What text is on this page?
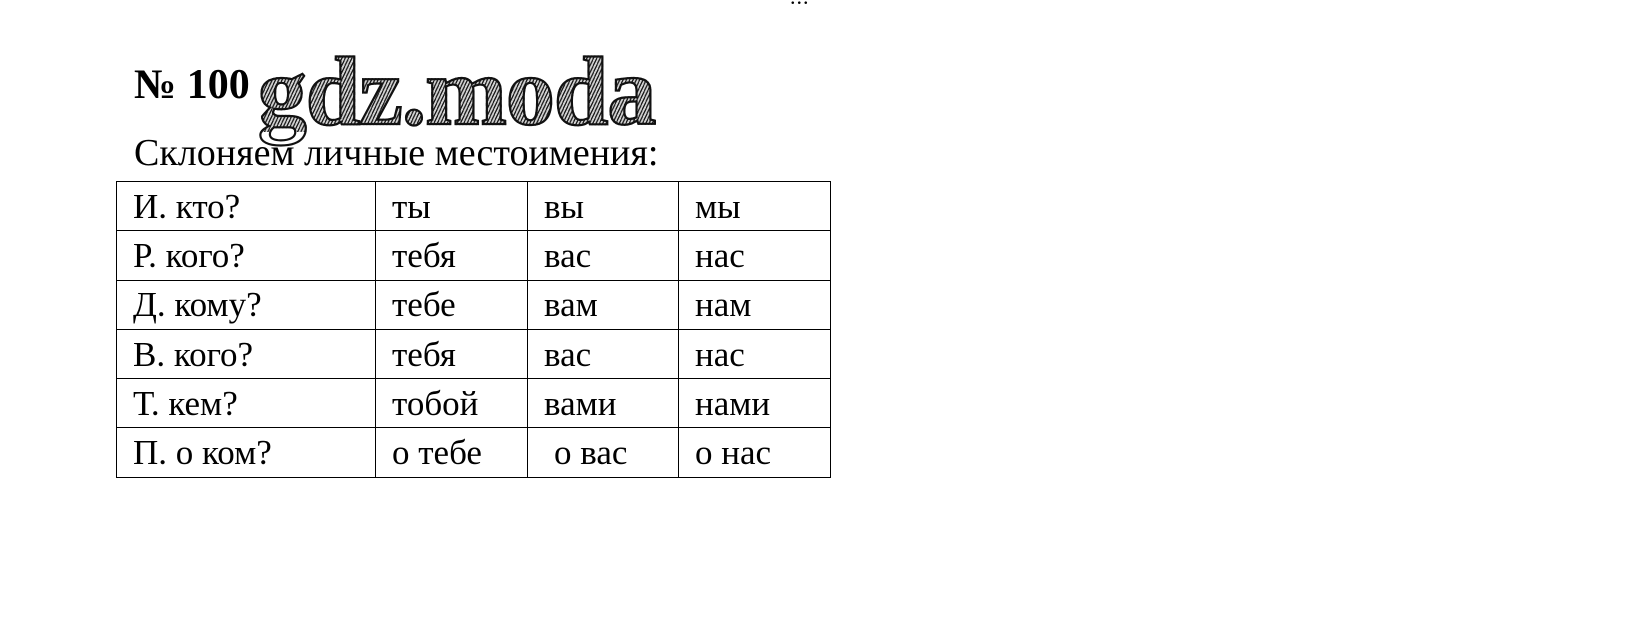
№ 100 gdz.moda
Склоняем личные местоимения:
И. кто?	ты	вы	мы
Р. кого?	тебя	вас	нас
Д. кому?	тебе	вам	нам
В. кого?	тебя	вас	нас
Т. кем?	тобой	вами	нами
П. о ком?	о тебе	о вас	о нас
